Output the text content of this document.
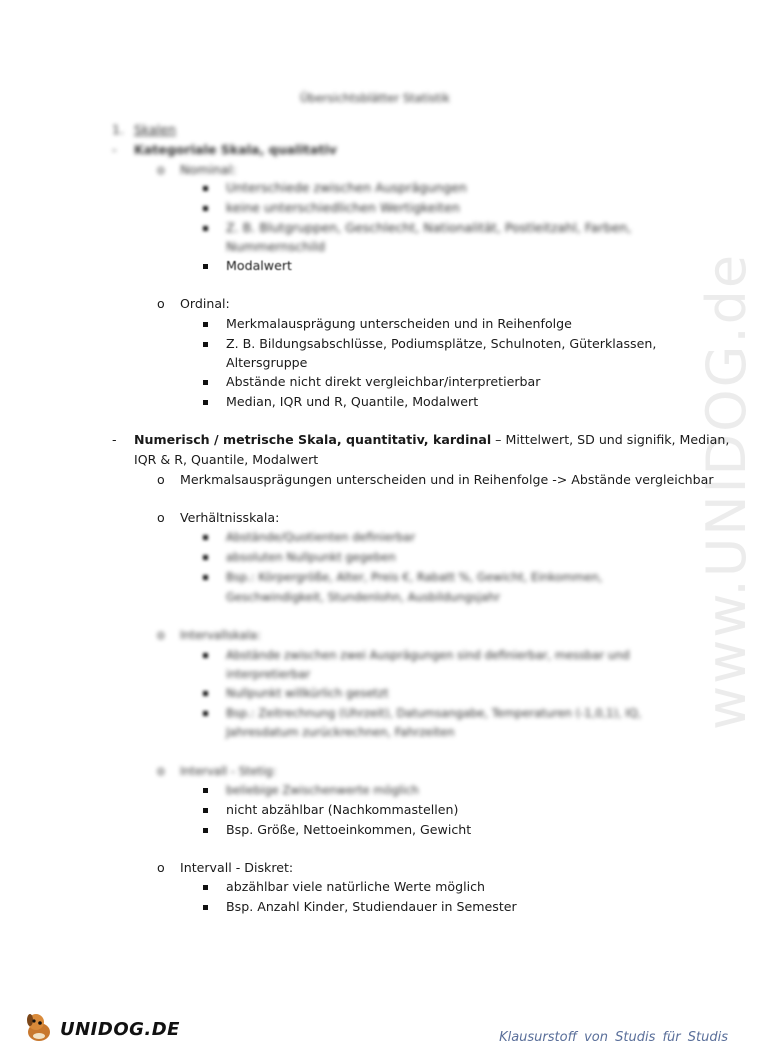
www.UNIDOG.de
Übersichtsblätter Statistik
1. Skalen
- Kategoriale Skala, qualitativ
o Nominal:
Unterschiede zwischen Ausprägungen
keine unterschiedlichen Wertigkeiten
Z. B. Blutgruppen, Geschlecht, Nationalität, Postleitzahl, Farben,
Nummernschild
Modalwert
o Ordinal:
Merkmalausprägung unterscheiden und in Reihenfolge
Z. B. Bildungsabschlüsse, Podiumsplätze, Schulnoten, Güterklassen,
Altersgruppe
Abstände nicht direkt vergleichbar/interpretierbar
Median, IQR und R, Quantile, Modalwert
- Numerisch / metrische Skala, quantitativ, kardinal – Mittelwert, SD und signifik, Median,
IQR & R, Quantile, Modalwert
o Merkmalsausprägungen unterscheiden und in Reihenfolge -> Abstände vergleichbar
o Verhältnisskala:
Abstände/Quotienten definierbar
absoluten Nullpunkt gegeben
Bsp.: Körpergröße, Alter, Preis €, Rabatt %, Gewicht, Einkommen,
Geschwindigkeit, Stundenlohn, Ausbildungsjahr
o Intervallskala:
Abstände zwischen zwei Ausprägungen sind definierbar, messbar und
interpretierbar
Nullpunkt willkürlich gesetzt
Bsp.: Zeitrechnung (Uhrzeit), Datumsangabe, Temperaturen (-1,0,1), IQ,
Jahresdatum zurückrechnen, Fahrzeiten
o Intervall - Stetig:
beliebige Zwischenwerte möglich
nicht abzählbar (Nachkommastellen)
Bsp. Größe, Nettoeinkommen, Gewicht
o Intervall - Diskret:
abzählbar viele natürliche Werte möglich
Bsp. Anzahl Kinder, Studiendauer in Semester
UNIDOG.DE	Klausurstoff von Studis für Studis
